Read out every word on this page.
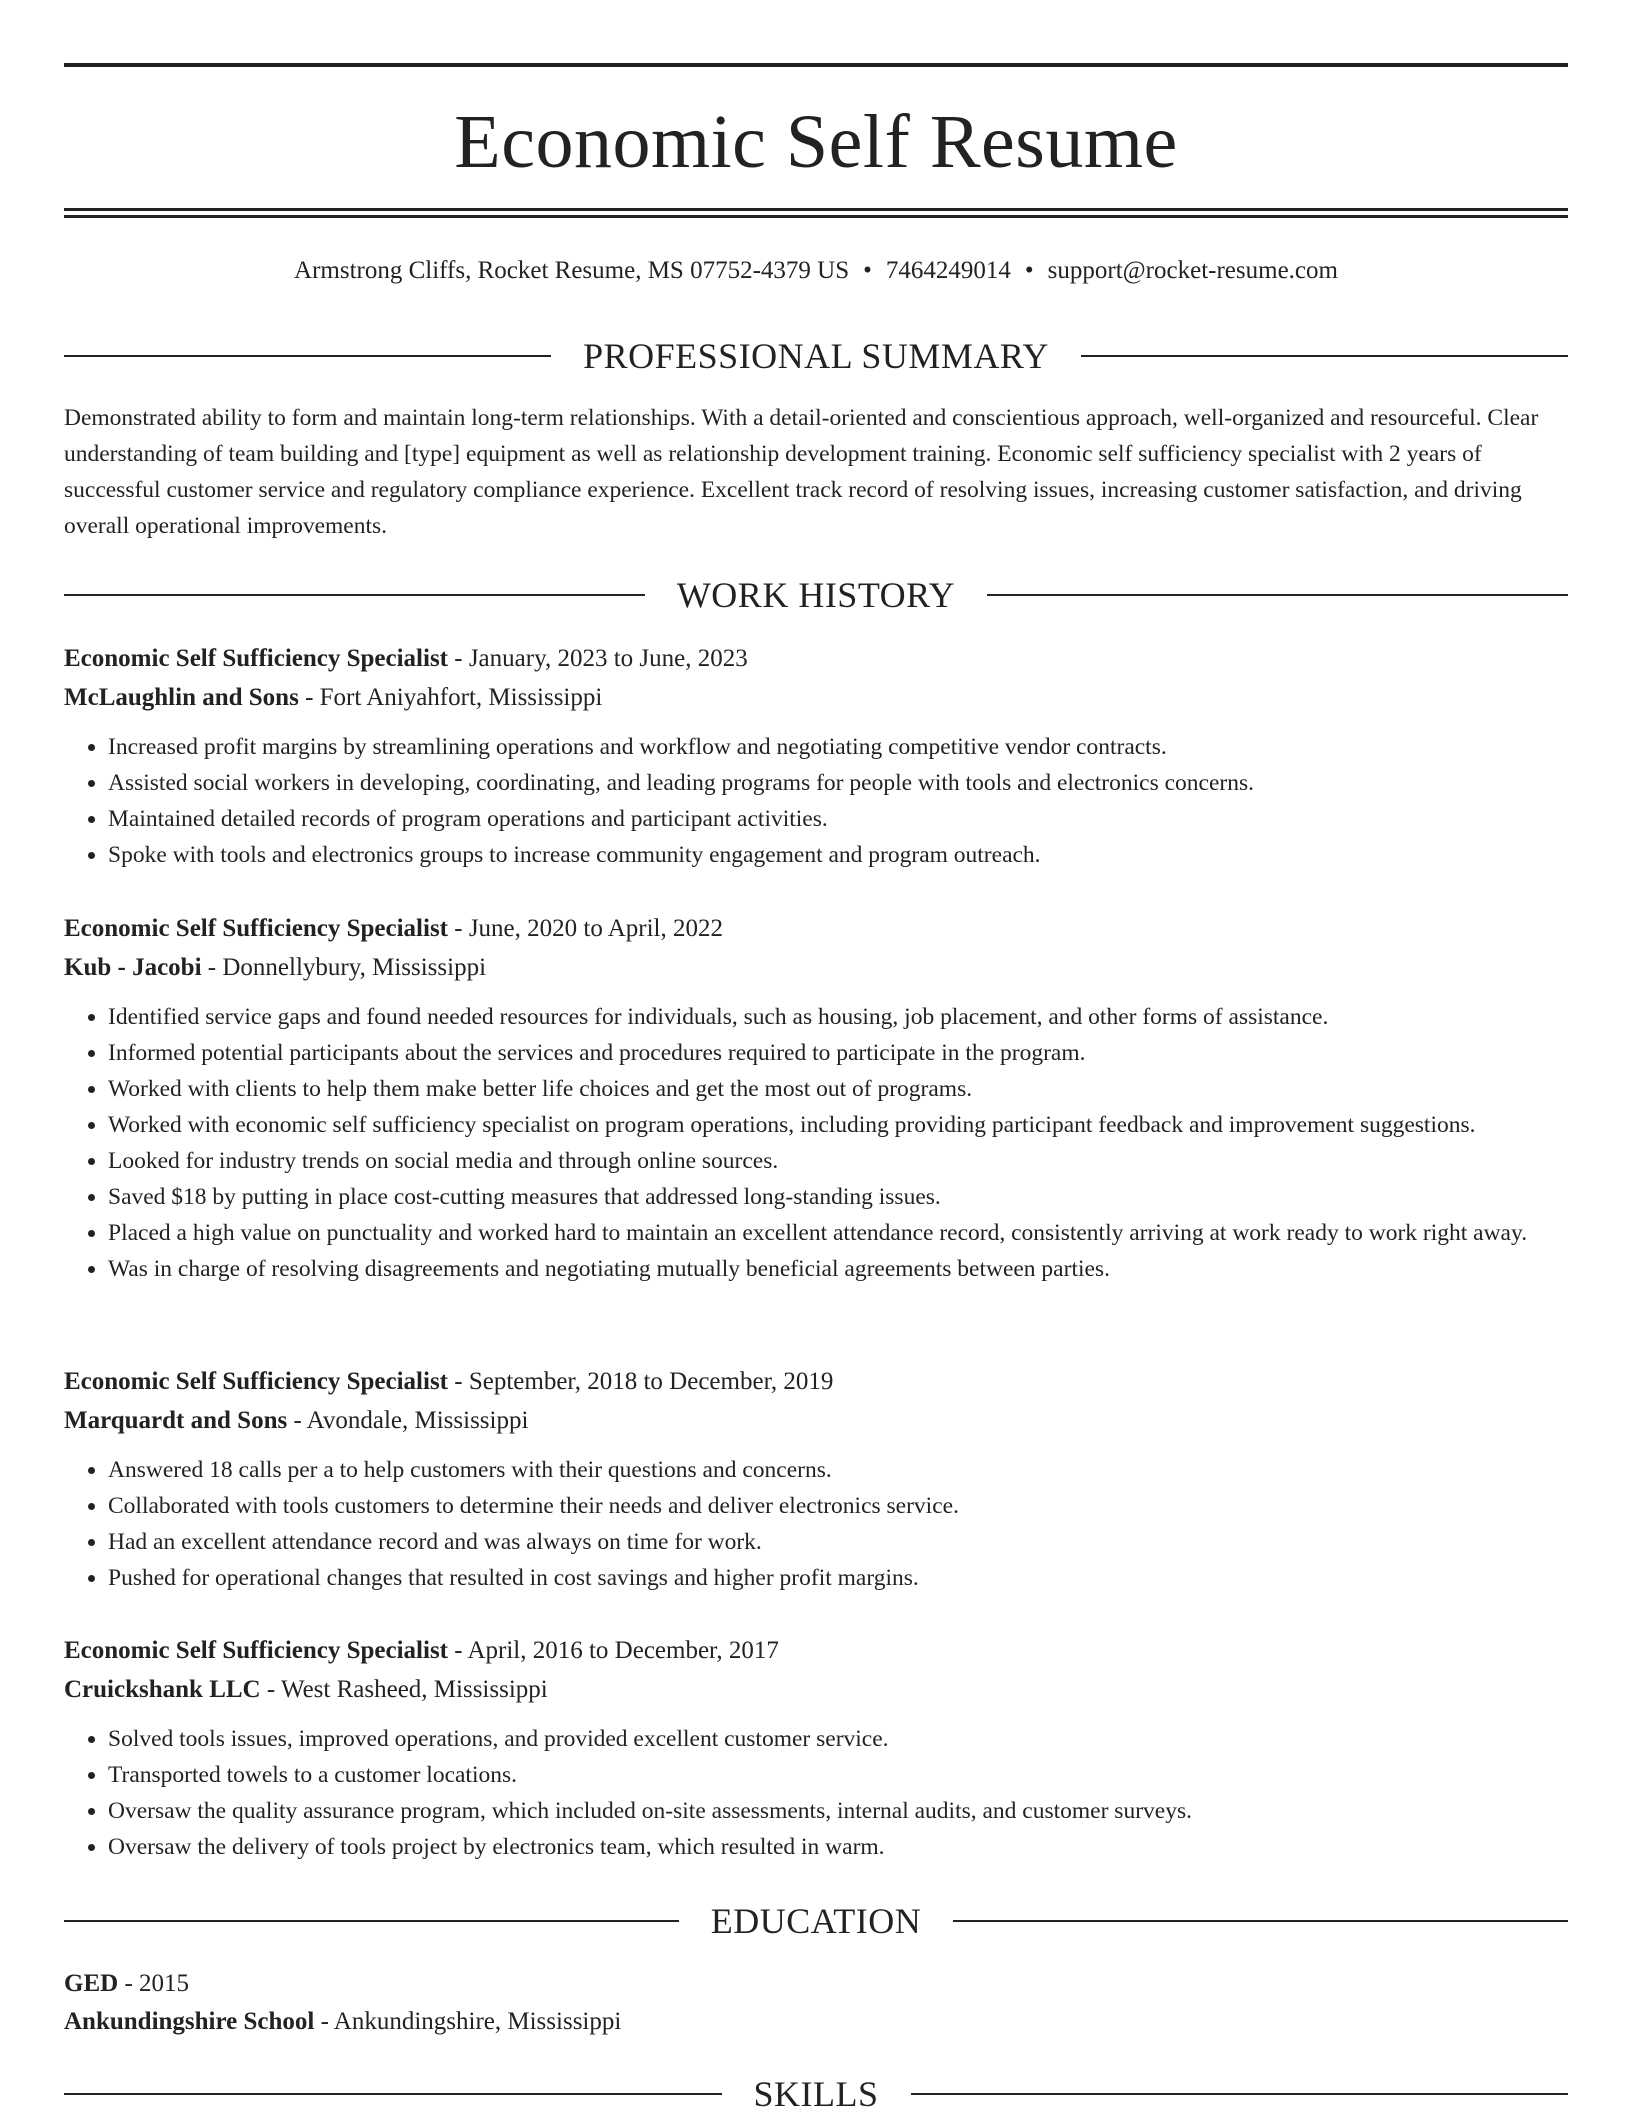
Economic Self Resume
Armstrong Cliffs, Rocket Resume, MS 07752-4379 US • 7464249014 • support@rocket-resume.com
PROFESSIONAL SUMMARY

Demonstrated ability to form and maintain long-term relationships. With a detail-oriented and conscientious approach, well-organized and resourceful. Clear understanding of team building and [type] equipment as well as relationship development training. Economic self sufficiency specialist with 2 years of successful customer service and regulatory compliance experience. Excellent track record of resolving issues, increasing customer satisfaction, and driving overall operational improvements.

WORK HISTORY
Economic Self Sufficiency Specialist - January, 2023 to June, 2023
McLaughlin and Sons - Fort Aniyahfort, Mississippi
• Increased profit margins by streamlining operations and workflow and negotiating competitive vendor contracts.
• Assisted social workers in developing, coordinating, and leading programs for people with tools and electronics concerns.
• Maintained detailed records of program operations and participant activities.
• Spoke with tools and electronics groups to increase community engagement and program outreach.
Economic Self Sufficiency Specialist - June, 2020 to April, 2022
Kub - Jacobi - Donnellybury, Mississippi
• Identified service gaps and found needed resources for individuals, such as housing, job placement, and other forms of assistance.
• Informed potential participants about the services and procedures required to participate in the program.
• Worked with clients to help them make better life choices and get the most out of programs.
• Worked with economic self sufficiency specialist on program operations, including providing participant feedback and improvement suggestions.
• Looked for industry trends on social media and through online sources.
• Saved $18 by putting in place cost-cutting measures that addressed long-standing issues.
• Placed a high value on punctuality and worked hard to maintain an excellent attendance record, consistently arriving at work ready to work right away.
• Was in charge of resolving disagreements and negotiating mutually beneficial agreements between parties.
Economic Self Sufficiency Specialist - September, 2018 to December, 2019
Marquardt and Sons - Avondale, Mississippi
• Answered 18 calls per a to help customers with their questions and concerns.
• Collaborated with tools customers to determine their needs and deliver electronics service.
• Had an excellent attendance record and was always on time for work.
• Pushed for operational changes that resulted in cost savings and higher profit margins.
Economic Self Sufficiency Specialist - April, 2016 to December, 2017
Cruickshank LLC - West Rasheed, Mississippi
• Solved tools issues, improved operations, and provided excellent customer service.
• Transported towels to a customer locations.
• Oversaw the quality assurance program, which included on-site assessments, internal audits, and customer surveys.
• Oversaw the delivery of tools project by electronics team, which resulted in warm.
EDUCATION
GED - 2015
Ankundingshire School - Ankundingshire, Mississippi
SKILLS
